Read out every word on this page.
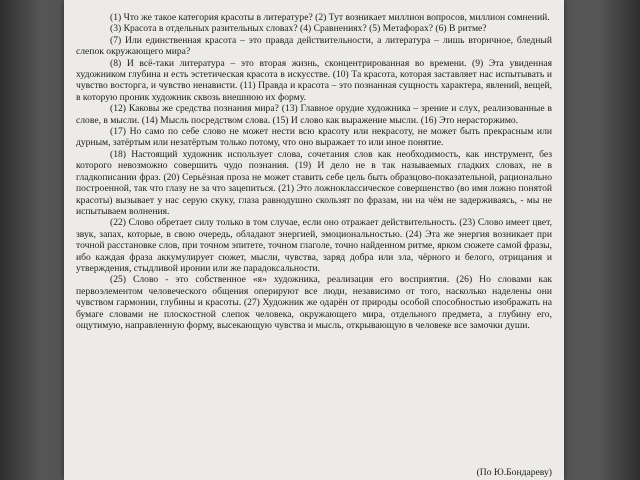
(1) Что же такое категория красоты в литературе? (2) Тут возникает миллион вопросов, миллион сомнений.

(3) Красота в отдельных разительных словах? (4) Сравнениях? (5) Метафорах? (6) В ритме?

(7) Или единственная красота – это правда действительности, а литература – лишь вторичное, бледный слепок окружающего мира?

(8) И всё-таки литература – это вторая жизнь, сконцентрированная во времени. (9) Эта увиденная художником глубина и есть эстетическая красота в искусстве. (10) Та красота, которая заставляет нас испытывать и чувство восторга, и чувство ненависти. (11) Правда и красота – это познанная сущность характера, явлений, вещей, в которую проник художник сквозь внешнюю их форму.

(12) Каковы же средства познания мира? (13) Главное орудие художника – зрение и слух, реализованные в слове, в мысли. (14) Мысль посредством слова. (15) И слово как выражение мысли. (16) Это нерасторжимо.

(17) Но само по себе слово не может нести всю красоту или некрасоту, не может быть прекрасным или дурным, затёртым или незатёртым только потому, что оно выражает то или иное понятие.

(18) Настоящий художник использует слова, сочетания слов как необходимость, как инструмент, без которого невозможно совершить чудо познания. (19) И дело не в так называемых гладких словах, не в гладкописании фраз. (20) Серьёзная проза не может ставить себе цель быть образцово-показательной, рационально построенной, так что глазу не за что зацепиться. (21) Это ложноклассическое совершенство (во имя ложно понятой красоты) вызывает у нас серую скуку, глаза равнодушно скользят по фразам, ни на чём не задерживаясь, - мы не испытываем волнения.

(22) Слово обретает силу только в том случае, если оно отражает действительность. (23) Слово имеет цвет, звук, запах, которые, в свою очередь, обладают энергией, эмоциональностью. (24) Эта же энергия возникает при точной расстановке слов, при точном эпитете, точном глаголе, точно найденном ритме, ярком сюжете самой фразы, ибо каждая фраза аккумулирует сюжет, мысли, чувства, заряд добра или зла, чёрного и белого, отрицания и утверждения, стыдливой иронии или же парадоксальности.

(25) Слово - это собственное «я» художника, реализация его восприятия. (26) Но словами как первоэлементом человеческого общения оперируют все люди, независимо от того, насколько наделены они чувством гармонии, глубины и красоты. (27) Художник же одарён от природы особой способностью изображать на бумаге словами не плоскостной слепок человека, окружающего мира, отдельного предмета, а глубину его, ощутимую, направленную форму, высекающую чувства и мысль, открывающую в человеке все замочки души.

(По Ю.Бондареву)
